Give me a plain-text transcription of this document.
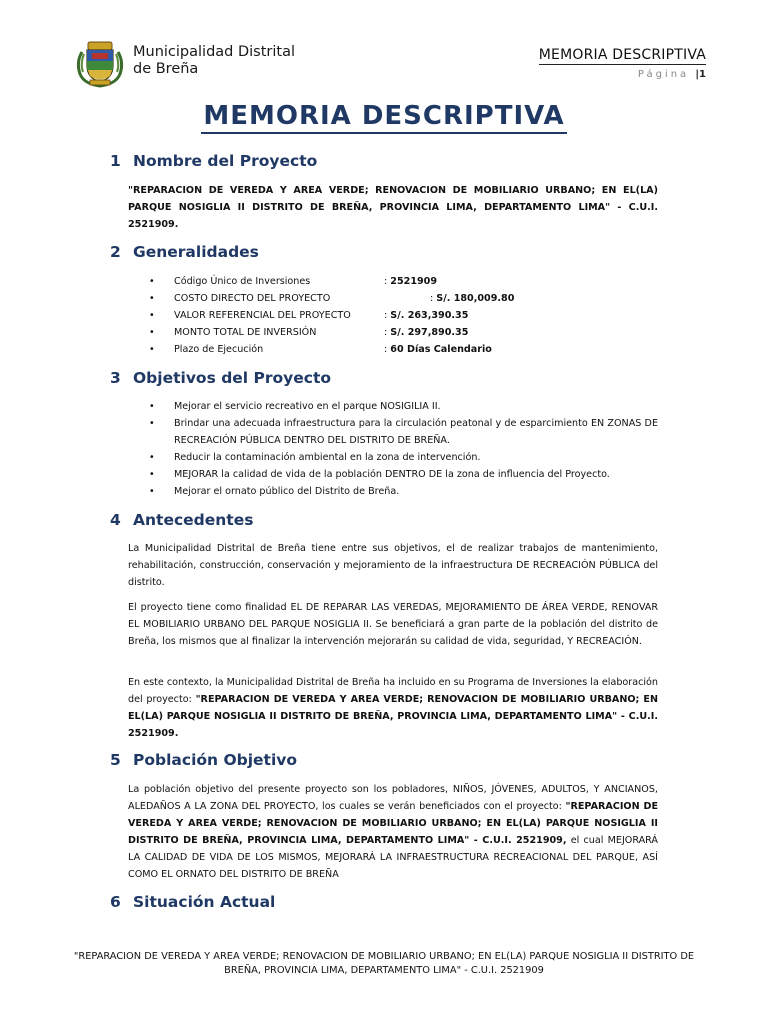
Municipalidad Distrital
de Breña
MEMORIA DESCRIPTIVA
Página |1
MEMORIA DESCRIPTIVA
1 Nombre del Proyecto

"REPARACION DE VEREDA Y AREA VERDE; RENOVACION DE MOBILIARIO URBANO; EN EL(LA) PARQUE NOSIGLIA II DISTRITO DE BREÑA, PROVINCIA LIMA, DEPARTAMENTO LIMA" - C.U.I. 2521909.

2 Generalidades
• Código Único de Inversiones	: 2521909
• COSTO DIRECTO DEL PROYECTO	: S/. 180,009.80
• VALOR REFERENCIAL DEL PROYECTO	: S/. 263,390.35
• MONTO TOTAL DE INVERSIÓN	: S/. 297,890.35
• Plazo de Ejecución	: 60 Días Calendario
3 Objetivos del Proyecto
• Mejorar el servicio recreativo en el parque NOSIGILIA II.
• Brindar una adecuada infraestructura para la circulación peatonal y de esparcimiento EN ZONAS DE RECREACIÓN PÚBLICA DENTRO DEL DISTRITO DE BREÑA.
• Reducir la contaminación ambiental en la zona de intervención.
• MEJORAR la calidad de vida de la población DENTRO DE la zona de influencia del Proyecto.
• Mejorar el ornato público del Distrito de Breña.
4 Antecedentes

La Municipalidad Distrital de Breña tiene entre sus objetivos, el de realizar trabajos de mantenimiento, rehabilitación, construcción, conservación y mejoramiento de la infraestructura DE RECREACIÓN PÚBLICA del distrito.

El proyecto tiene como finalidad EL DE REPARAR LAS VEREDAS, MEJORAMIENTO DE ÁREA VERDE, RENOVAR EL MOBILIARIO URBANO DEL PARQUE NOSIGLIA II. Se beneficiará a gran parte de la población del distrito de Breña, los mismos que al finalizar la intervención mejorarán su calidad de vida, seguridad, Y RECREACIÓN.

En este contexto, la Municipalidad Distrital de Breña ha incluido en su Programa de Inversiones la elaboración del proyecto: "REPARACION DE VEREDA Y AREA VERDE; RENOVACION DE MOBILIARIO URBANO; EN EL(LA) PARQUE NOSIGLIA II DISTRITO DE BREÑA, PROVINCIA LIMA, DEPARTAMENTO LIMA" - C.U.I. 2521909.

5 Población Objetivo

La población objetivo del presente proyecto son los pobladores, NIÑOS, JÓVENES, ADULTOS, Y ANCIANOS, ALEDAÑOS A LA ZONA DEL PROYECTO, los cuales se verán beneficiados con el proyecto: "REPARACION DE VEREDA Y AREA VERDE; RENOVACION DE MOBILIARIO URBANO; EN EL(LA) PARQUE NOSIGLIA II DISTRITO DE BREÑA, PROVINCIA LIMA, DEPARTAMENTO LIMA" - C.U.I. 2521909, el cual MEJORARÁ LA CALIDAD DE VIDA DE LOS MISMOS, MEJORARÁ LA INFRAESTRUCTURA RECREACIONAL DEL PARQUE, ASÍ COMO EL ORNATO DEL DISTRITO DE BREÑA

6 Situación Actual
"REPARACION DE VEREDA Y AREA VERDE; RENOVACION DE MOBILIARIO URBANO; EN EL(LA) PARQUE NOSIGLIA II DISTRITO DE
BREÑA, PROVINCIA LIMA, DEPARTAMENTO LIMA" - C.U.I. 2521909
